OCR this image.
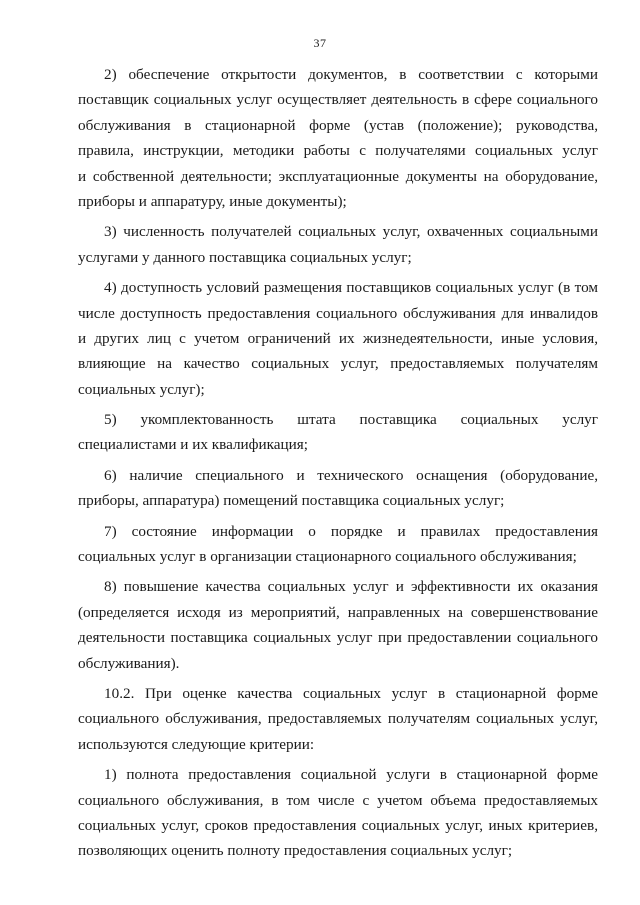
37
2) обеспечение открытости документов, в соответствии с которыми
поставщик социальных услуг осуществляет деятельность в сфере социального
обслуживания в стационарной форме (устав (положение); руководства,
правила, инструкции, методики работы с получателями социальных услуг
и собственной деятельности; эксплуатационные документы на оборудование,
приборы и аппаратуру, иные документы);
3) численность получателей социальных услуг, охваченных социальными
услугами у данного поставщика социальных услуг;
4) доступность условий размещения поставщиков социальных услуг (в том
числе доступность предоставления социального обслуживания для инвалидов
и других лиц с учетом ограничений их жизнедеятельности, иные условия,
влияющие на качество социальных услуг, предоставляемых получателям
социальных услуг);
5) укомплектованность штата поставщика социальных услуг
специалистами и их квалификация;
6) наличие специального и технического оснащения (оборудование,
приборы, аппаратура) помещений поставщика социальных услуг;
7) состояние информации о порядке и правилах предоставления
социальных услуг в организации стационарного социального обслуживания;
8) повышение качества социальных услуг и эффективности их оказания
(определяется исходя из мероприятий, направленных на совершенствование
деятельности поставщика социальных услуг при предоставлении социального
обслуживания).
10.2. При оценке качества социальных услуг в стационарной форме
социального обслуживания, предоставляемых получателям социальных услуг,
используются следующие критерии:
1) полнота предоставления социальной услуги в стационарной форме
социального обслуживания, в том числе с учетом объема предоставляемых
социальных услуг, сроков предоставления социальных услуг, иных критериев,
позволяющих оценить полноту предоставления социальных услуг;
